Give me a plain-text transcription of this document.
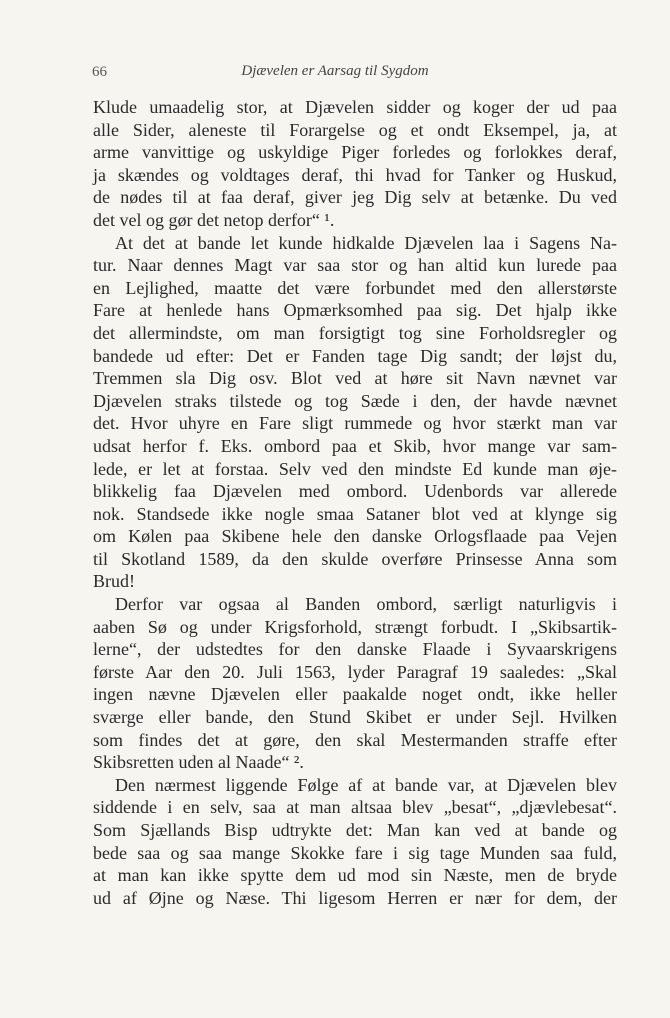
66	Djævelen er Aarsag til Sygdom
Klude umaadelig stor, at Djævelen sidder og koger der ud paa
alle Sider, aleneste til Forargelse og et ondt Eksempel, ja, at
arme vanvittige og uskyldige Piger forledes og forlokkes deraf,
ja skændes og voldtages deraf, thi hvad for Tanker og Huskud,
de nødes til at faa deraf, giver jeg Dig selv at betænke. Du ved
det vel og gør det netop derfor“ ¹.
At det at bande let kunde hidkalde Djævelen laa i Sagens Na-
tur. Naar dennes Magt var saa stor og han altid kun lurede paa
en Lejlighed, maatte det være forbundet med den allerstørste
Fare at henlede hans Opmærksomhed paa sig. Det hjalp ikke
det allermindste, om man forsigtigt tog sine Forholdsregler og
bandede ud efter: Det er Fanden tage Dig sandt; der løjst du,
Tremmen sla Dig osv. Blot ved at høre sit Navn nævnet var
Djævelen straks tilstede og tog Sæde i den, der havde nævnet
det. Hvor uhyre en Fare sligt rummede og hvor stærkt man var
udsat herfor f. Eks. ombord paa et Skib, hvor mange var sam-
lede, er let at forstaa. Selv ved den mindste Ed kunde man øje-
blikkelig faa Djævelen med ombord. Udenbords var allerede
nok. Standsede ikke nogle smaa Sataner blot ved at klynge sig
om Kølen paa Skibene hele den danske Orlogsflaade paa Vejen
til Skotland 1589, da den skulde overføre Prinsesse Anna som
Brud!
Derfor var ogsaa al Banden ombord, særligt naturligvis i
aaben Sø og under Krigsforhold, strængt forbudt. I „Skibsartik-
lerne“, der udstedtes for den danske Flaade i Syvaarskrigens
første Aar den 20. Juli 1563, lyder Paragraf 19 saaledes: „Skal
ingen nævne Djævelen eller paakalde noget ondt, ikke heller
sværge eller bande, den Stund Skibet er under Sejl. Hvilken
som findes det at gøre, den skal Mestermanden straffe efter
Skibsretten uden al Naade“ ².
Den nærmest liggende Følge af at bande var, at Djævelen blev
siddende i en selv, saa at man altsaa blev „besat“, „djævlebesat“.
Som Sjællands Bisp udtrykte det: Man kan ved at bande og
bede saa og saa mange Skokke fare i sig tage Munden saa fuld,
at man kan ikke spytte dem ud mod sin Næste, men de bryde
ud af Øjne og Næse. Thi ligesom Herren er nær for dem, der
